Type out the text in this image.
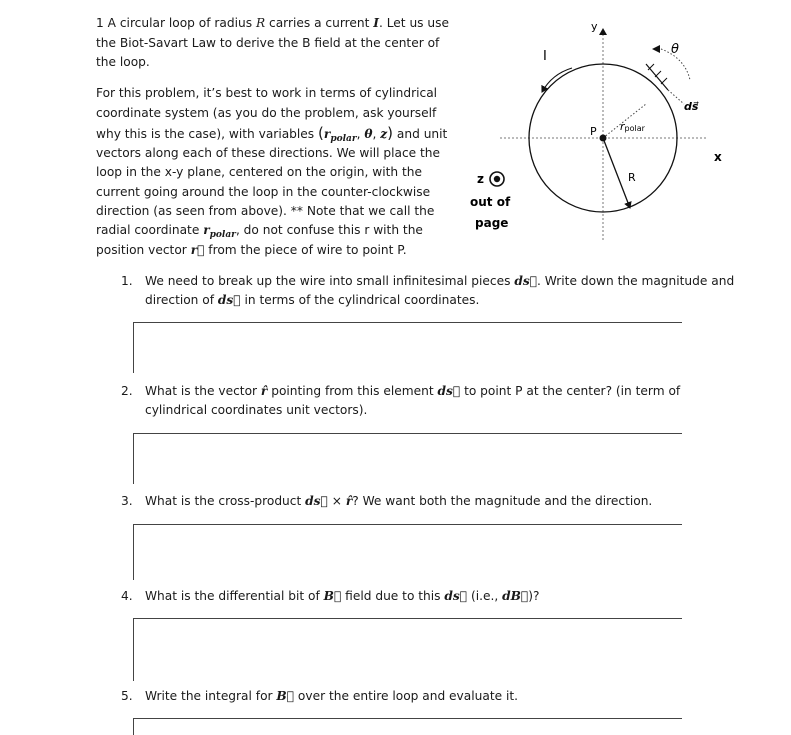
1 A circular loop of radius R carries a current I. Let us use
the Biot-Savart Law to derive the B field at the center of
the loop.
For this problem, it’s best to work in terms of cylindrical
coordinate system (as you do the problem, ask yourself
why this is the case), with variables ($r_{polar}$, θ, z) and unit
vectors along each of these directions. We will place the
loop in the x-y plane, centered on the origin, with the
current going around the loop in the counter-clockwise
direction (as seen from above). ** Note that we call the
radial coordinate $r_{polar}$, do not confuse this r with the
position vector r⃗ from the piece of wire to point P.
y
x
I	θ
ds⃗
rpolar
P
R
z
out of
page
1. We need to break up the wire into small infinitesimal pieces ds⃗. Write down the magnitude and
direction of ds⃗ in terms of the cylindrical coordinates.
2. What is the vector r̂ pointing from this element ds⃗ to point P at the center? (in term of
cylindrical coordinates unit vectors).
3. What is the cross-product ds⃗ × r̂? We want both the magnitude and the direction.
4. What is the differential bit of B⃗ field due to this ds⃗ (i.e., dB⃗)?
5. Write the integral for B⃗ over the entire loop and evaluate it.
